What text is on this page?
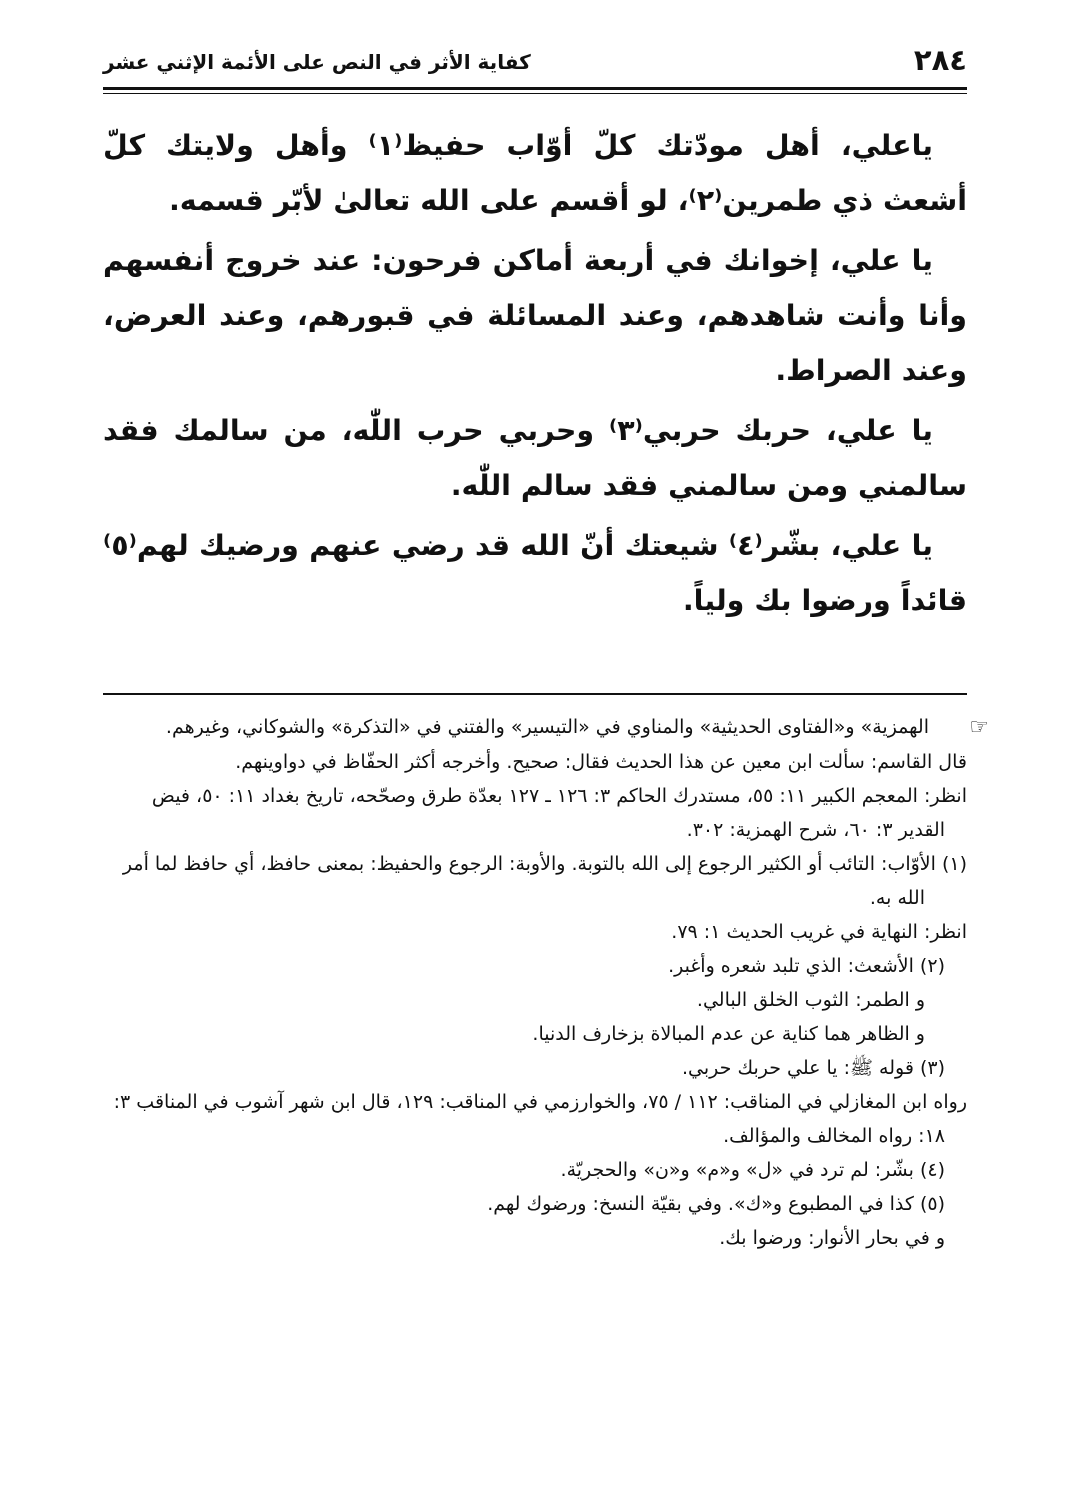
٢٨٤
كفاية الأثر في النص على الأئمة الإثني عشر

ياعلي، أهل مودّتك كلّ أوّاب حفيظ⁽١⁾ وأهل ولايتك كلّ أشعث ذي طمرين⁽٢⁾، لو أقسم على الله تعالىٰ لأبّر قسمه.

يا علي، إخوانك في أربعة أماكن فرحون: عند خروج أنفسهم وأنا وأنت شاهدهم، وعند المسائلة في قبورهم، وعند العرض، وعند الصراط.

يا علي، حربك حربي⁽٣⁾ وحربي حرب اللّٰه، من سالمك فقد سالمني ومن سالمني فقد سالم اللّٰه.

يا علي، بشّر⁽٤⁾ شيعتك أنّ الله قد رضي عنهم ورضيك لهم⁽٥⁾ قائداً ورضوا بك ولياً.

☞الهمزية» و«الفتاوى الحديثية» والمناوي في «التيسير» والفتني في «التذكرة» والشوكاني، وغيرهم.

قال القاسم: سألت ابن معين عن هذا الحديث فقال: صحيح. وأخرجه أكثر الحفّاظ في دواوينهم.

انظر: المعجم الكبير ١١: ٥٥، مستدرك الحاكم ٣: ١٢٦ ـ ١٢٧ بعدّة طرق وصحّحه، تاريخ بغداد ١١: ٥٠، فيض القدير ٣: ٦٠، شرح الهمزية: ٣٠٢.

(١) الأوّاب: التائب أو الكثير الرجوع إلى الله بالتوبة. والأوبة: الرجوع والحفيظ: بمعنى حافظ، أي حافظ لما أمر الله به.

انظر: النهاية في غريب الحديث ١: ٧٩.

(٢) الأشعث: الذي تلبد شعره وأغبر.

و الطمر: الثوب الخلق البالي.

و الظاهر هما كناية عن عدم المبالاة بزخارف الدنيا.

(٣) قوله ﷺ: يا علي حربك حربي.

رواه ابن المغازلي في المناقب: ١١٢ / ٧٥، والخوارزمي في المناقب: ١٢٩، قال ابن شهر آشوب في المناقب ٣: ١٨: رواه المخالف والمؤالف.

(٤) بشّر: لم ترد في «ل» و«م» و«ن» والحجريّة.

(٥) كذا في المطبوع و«ك». وفي بقيّة النسخ: ورضوك لهم.

و في بحار الأنوار: ورضوا بك.
